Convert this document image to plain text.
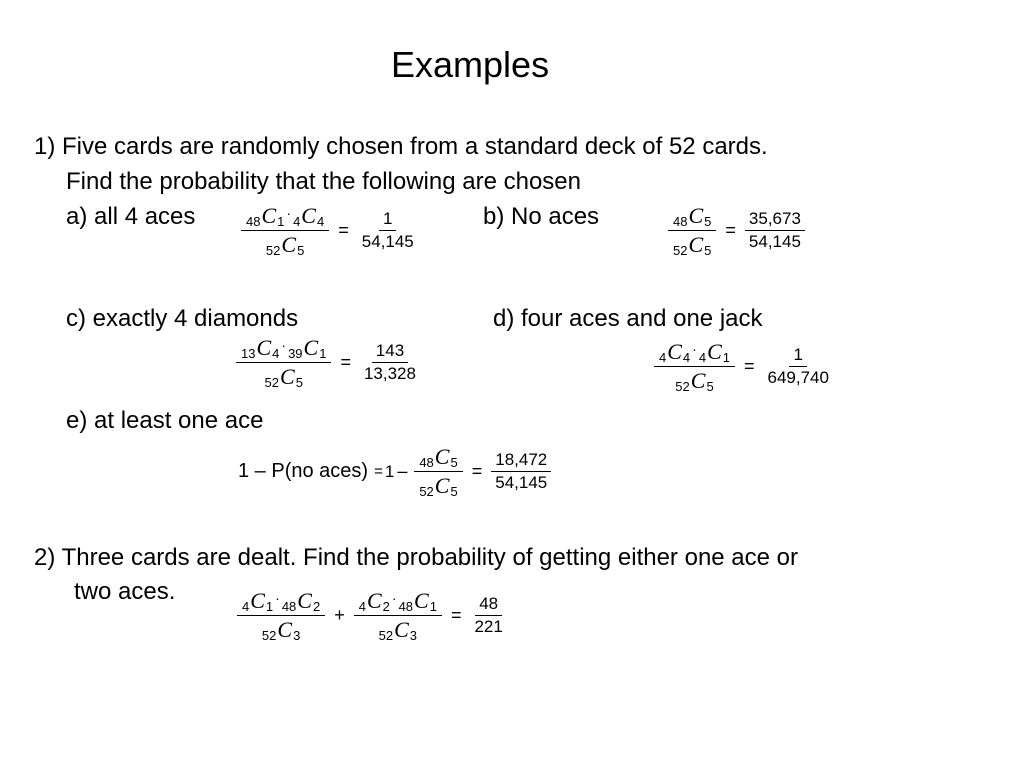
Examples
1) Five cards are randomly chosen from a standard deck of 52 cards.
Find the probability that the following are chosen
a) all 4 aces	b) No aces
48 C 1
·
4 C 4
52 C $5 = \frac{1}{54,145}$	$\frac{48 C 5}{52 C 5} = \frac{35,673}{54,145}$
c) exactly 4 diamonds	d) four aces and one jack
13 C 4
·
39 C 1
52 C $5 = \frac{143}{13,328}$	4 C 4
·
4 C 1
52 C $5 = \frac{1}{649,740}$
e) at least one ace
1 – P(no aces) = $1 - \frac{48 C 5}{52 C 5} = \frac{18,472}{54,145}$
2) Three cards are dealt. Find the probability of getting either one ace or
two aces.	4 C 1
·
48 C 2
52 C 3 + 4 C 2
·
48 C 1
52 C $3 = \frac{48}{221}$
